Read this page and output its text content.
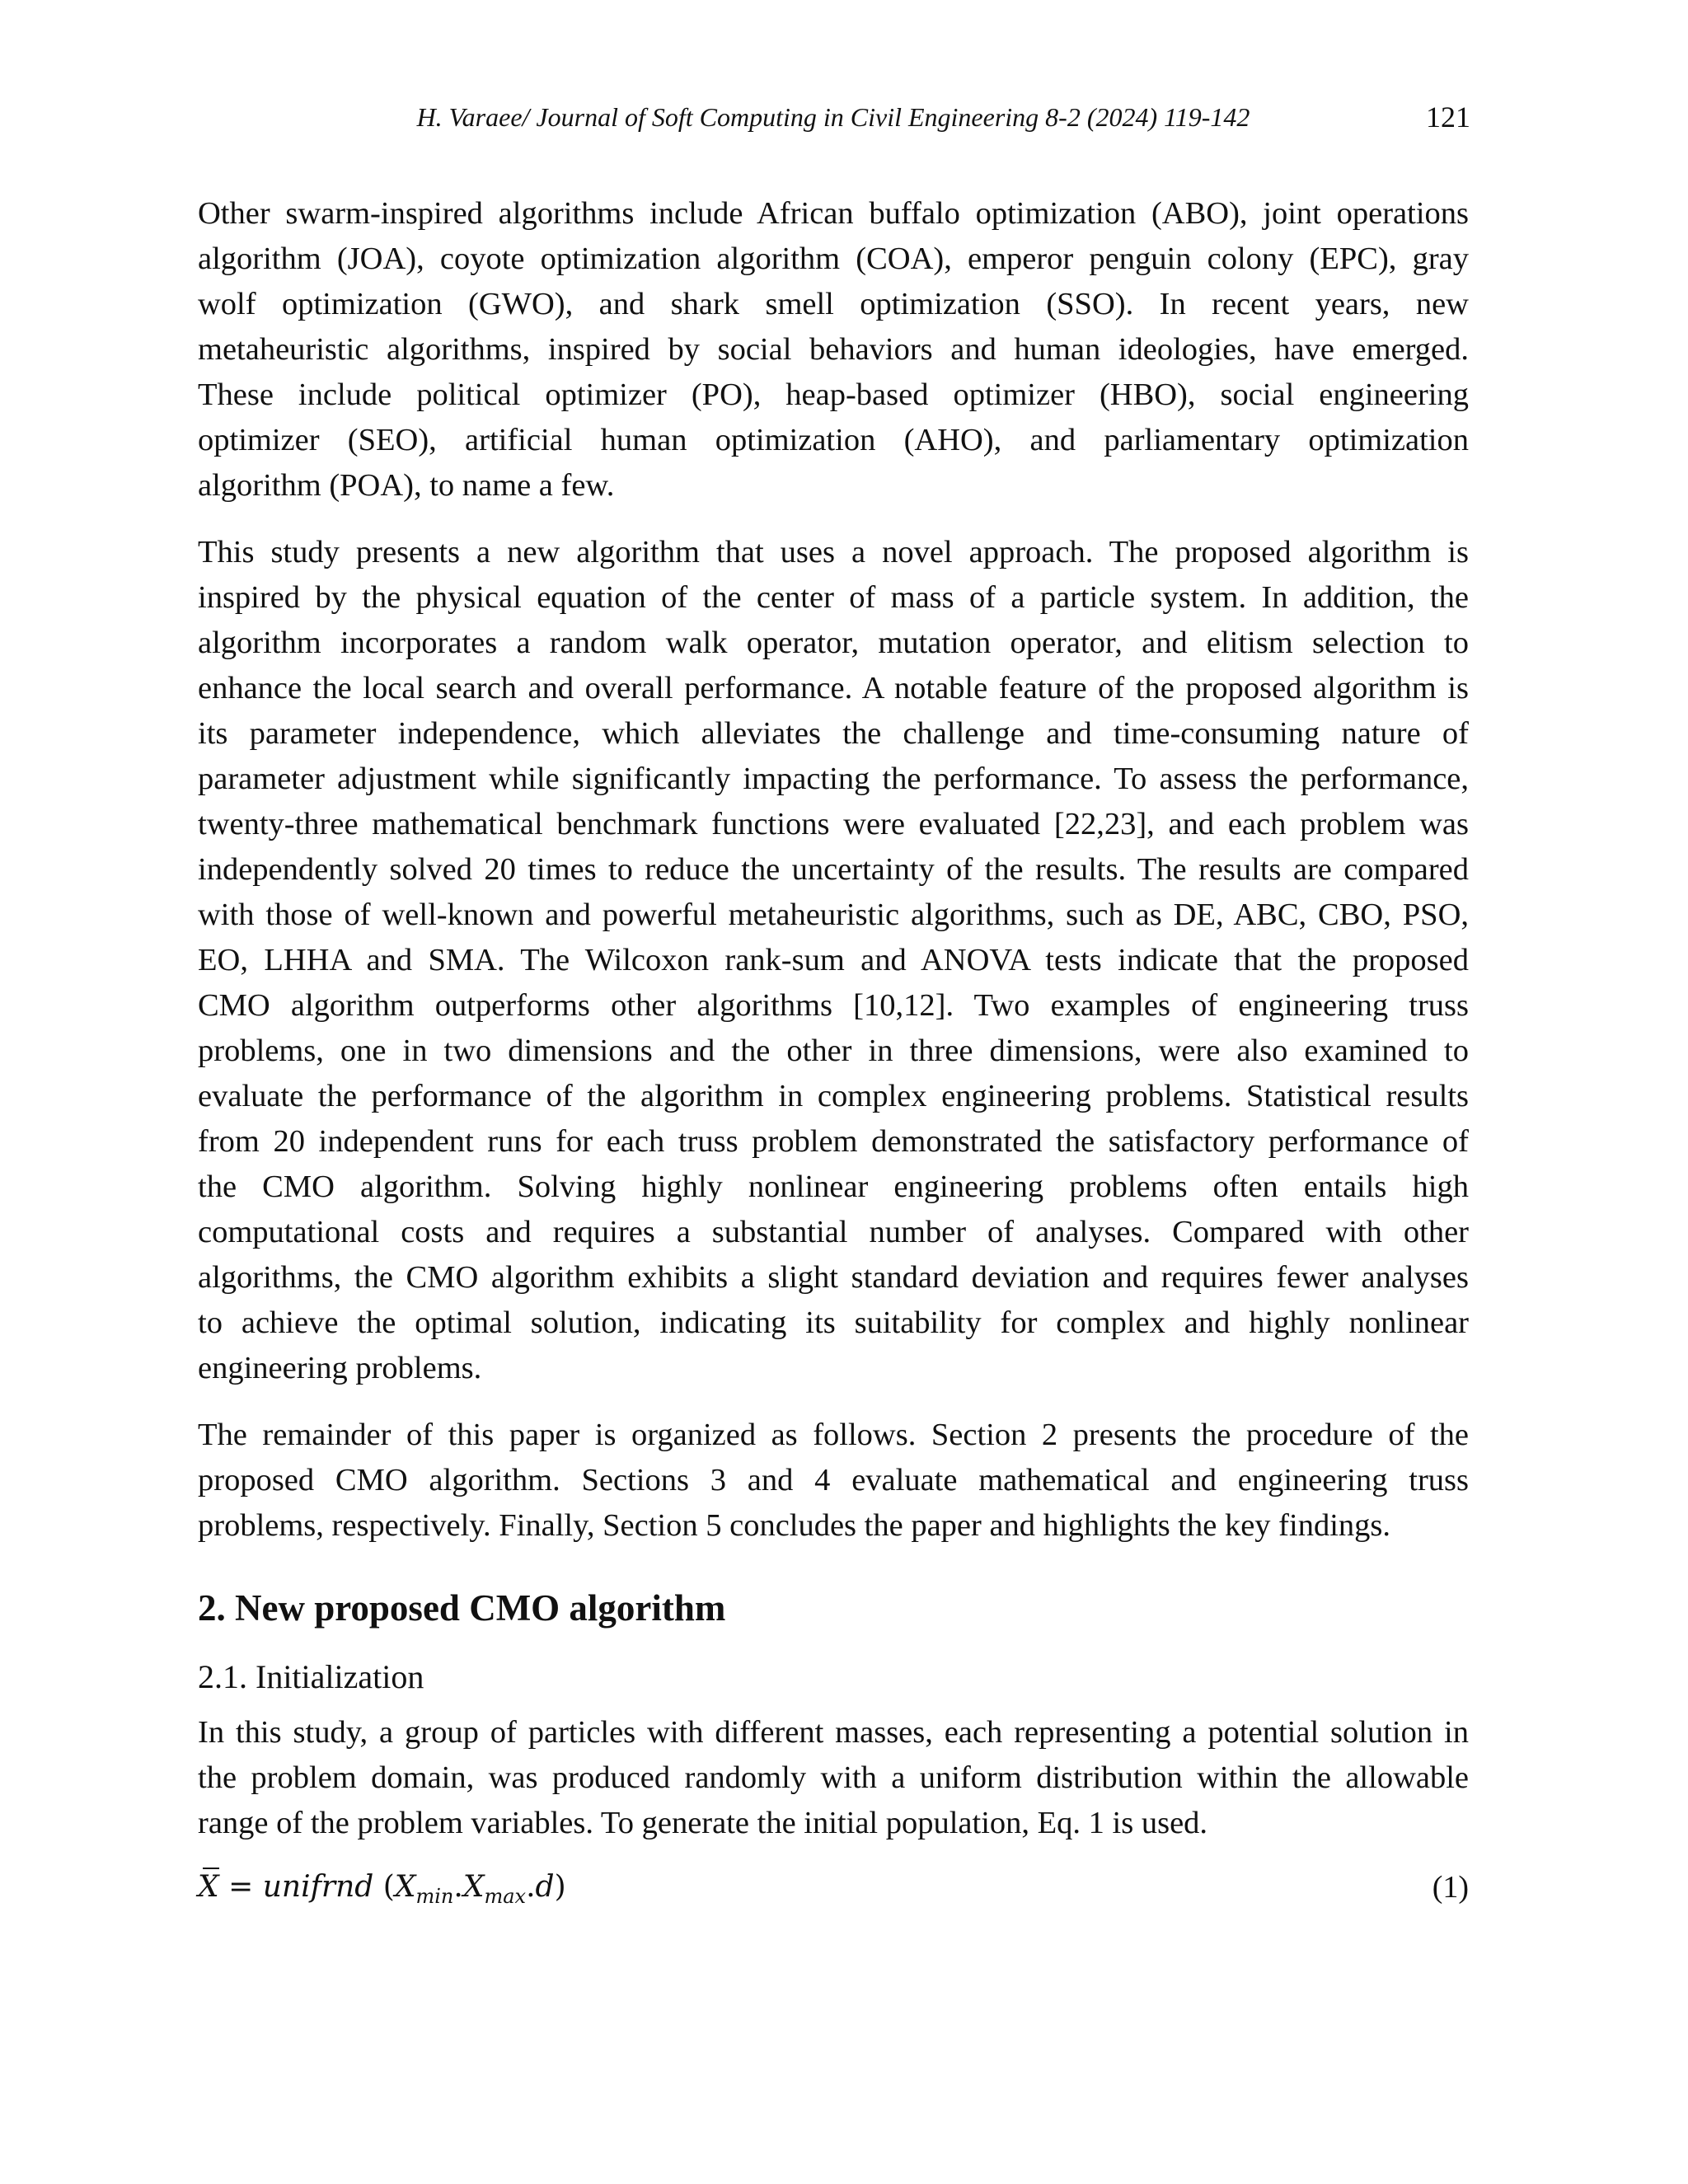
H. Varaee/ Journal of Soft Computing in Civil Engineering 8-2 (2024) 119-142	121

Other swarm-inspired algorithms include African buffalo optimization (ABO), joint operations
algorithm (JOA), coyote optimization algorithm (COA), emperor penguin colony (EPC), gray
wolf optimization (GWO), and shark smell optimization (SSO). In recent years, new
metaheuristic algorithms, inspired by social behaviors and human ideologies, have emerged.
These include political optimizer (PO), heap-based optimizer (HBO), social engineering
optimizer (SEO), artificial human optimization (AHO), and parliamentary optimization
algorithm (POA), to name a few.

This study presents a new algorithm that uses a novel approach. The proposed algorithm is
inspired by the physical equation of the center of mass of a particle system. In addition, the
algorithm incorporates a random walk operator, mutation operator, and elitism selection to
enhance the local search and overall performance. A notable feature of the proposed algorithm is
its parameter independence, which alleviates the challenge and time-consuming nature of
parameter adjustment while significantly impacting the performance. To assess the performance,
twenty-three mathematical benchmark functions were evaluated [22,23], and each problem was
independently solved 20 times to reduce the uncertainty of the results. The results are compared
with those of well-known and powerful metaheuristic algorithms, such as DE, ABC, CBO, PSO,
EO, LHHA and SMA. The Wilcoxon rank-sum and ANOVA tests indicate that the proposed
CMO algorithm outperforms other algorithms [10,12]. Two examples of engineering truss
problems, one in two dimensions and the other in three dimensions, were also examined to
evaluate the performance of the algorithm in complex engineering problems. Statistical results
from 20 independent runs for each truss problem demonstrated the satisfactory performance of
the CMO algorithm. Solving highly nonlinear engineering problems often entails high
computational costs and requires a substantial number of analyses. Compared with other
algorithms, the CMO algorithm exhibits a slight standard deviation and requires fewer analyses
to achieve the optimal solution, indicating its suitability for complex and highly nonlinear
engineering problems.

The remainder of this paper is organized as follows. Section 2 presents the procedure of the
proposed CMO algorithm. Sections 3 and 4 evaluate mathematical and engineering truss
problems, respectively. Finally, Section 5 concludes the paper and highlights the key findings.

2. New proposed CMO algorithm
2.1. Initialization

In this study, a group of particles with different masses, each representing a potential solution in
the problem domain, was produced randomly with a uniform distribution within the allowable
range of the problem variables. To generate the initial population, Eq. 1 is used.

X = unifrnd $(X_{min}.X_{max}.d)$	(1)
